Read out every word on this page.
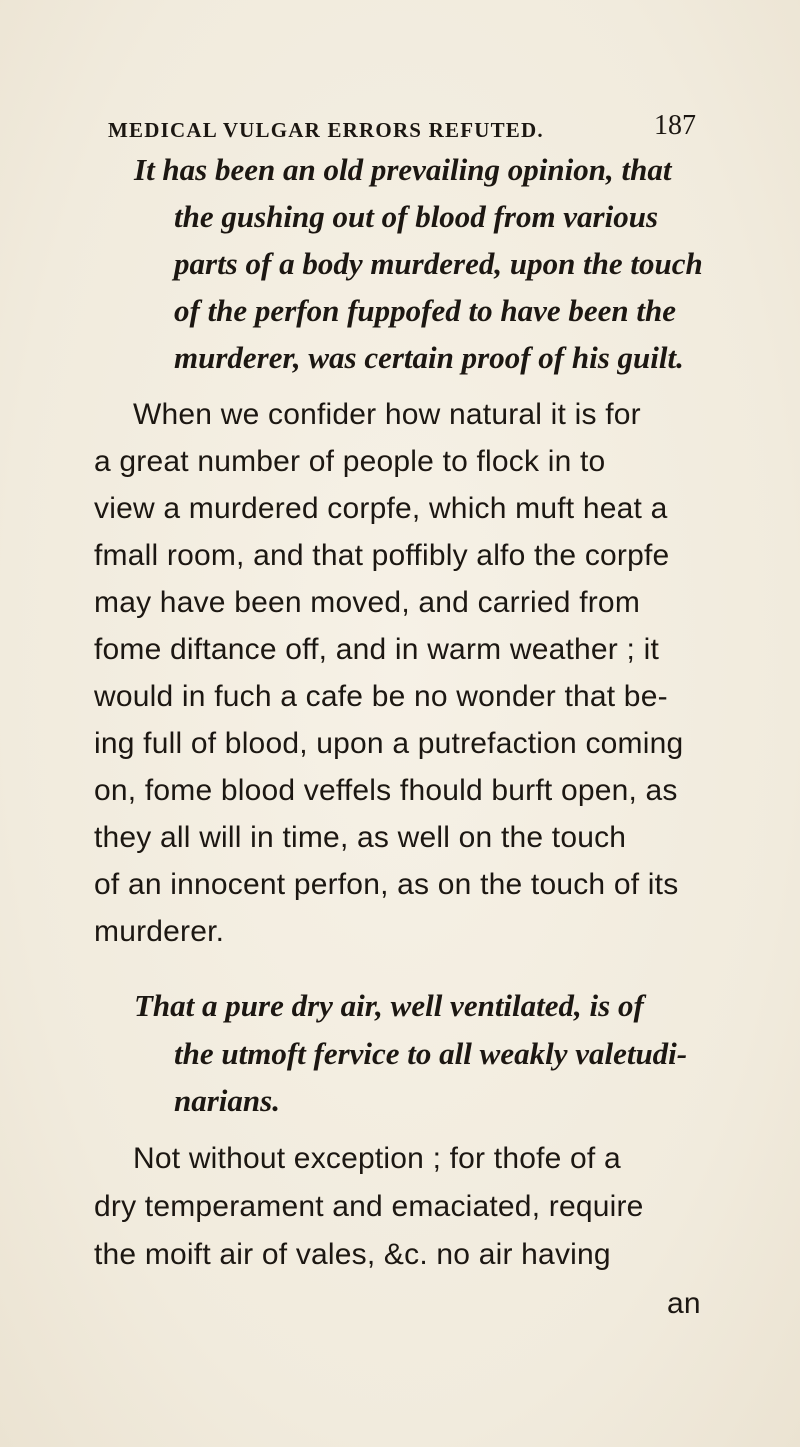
MEDICAL VULGAR ERRORS REFUTED.	187
It has been an old prevailing opinion, that
the gushing out of blood from various
parts of a body murdered, upon the touch
of the perfon fuppofed to have been the
murderer, was certain proof of his guilt.
When we confider how natural it is for
a great number of people to flock in to
view a murdered corpfe, which muft heat a
fmall room, and that poffibly alfo the corpfe
may have been moved, and carried from
fome diftance off, and in warm weather ; it
would in fuch a cafe be no wonder that be-
ing full of blood, upon a putrefaction coming
on, fome blood veffels fhould burft open, as
they all will in time, as well on the touch
of an innocent perfon, as on the touch of its
murderer.
That a pure dry air, well ventilated, is of
the utmoft fervice to all weakly valetudi-
narians.
Not without exception ; for thofe of a
dry temperament and emaciated, require
the moift air of vales, &c. no air having
an
